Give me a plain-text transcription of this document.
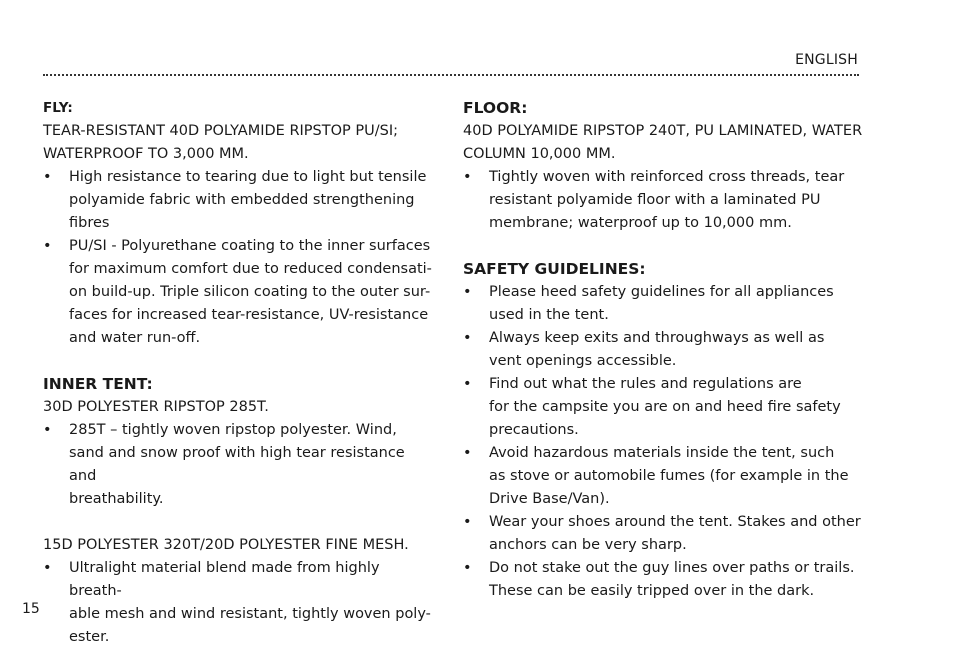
ENGLISH

FLY:

TEAR-RESISTANT 40D POLYAMIDE RIPSTOP PU/SI;

WATERPROOF TO 3,000 MM.

• High resistance to tearing due to light but tensile
polyamide fabric with embedded strengthening
fibres
• PU/SI - Polyurethane coating to the inner surfaces
for maximum comfort due to reduced condensati-
on build-up. Triple silicon coating to the outer sur-
faces for increased tear-resistance, UV-resistance
and water run-off.

INNER TENT:

30D POLYESTER RIPSTOP 285T.

• 285T – tightly woven ripstop polyester. Wind,
sand and snow proof with high tear resistance and
breathability.

15D POLYESTER 320T/20D POLYESTER FINE MESH.

• Ultralight material blend made from highly breath-
able mesh and wind resistant, tightly woven poly-
ester.

FLOOR:

40D POLYAMIDE RIPSTOP 240T, PU LAMINATED, WATER

COLUMN 10,000 MM.

• Tightly woven with reinforced cross threads, tear
resistant polyamide floor with a laminated PU
membrane; waterproof up to 10,000 mm.

SAFETY GUIDELINES:

• Please heed safety guidelines for all appliances
used in the tent.
• Always keep exits and throughways as well as
vent openings accessible.
• Find out what the rules and regulations are
for the campsite you are on and heed fire safety
precautions.
• Avoid hazardous materials inside the tent, such
as stove or automobile fumes (for example in the
Drive Base/Van).
• Wear your shoes around the tent. Stakes and other
anchors can be very sharp.
• Do not stake out the guy lines over paths or trails.
These can be easily tripped over in the dark.
15
